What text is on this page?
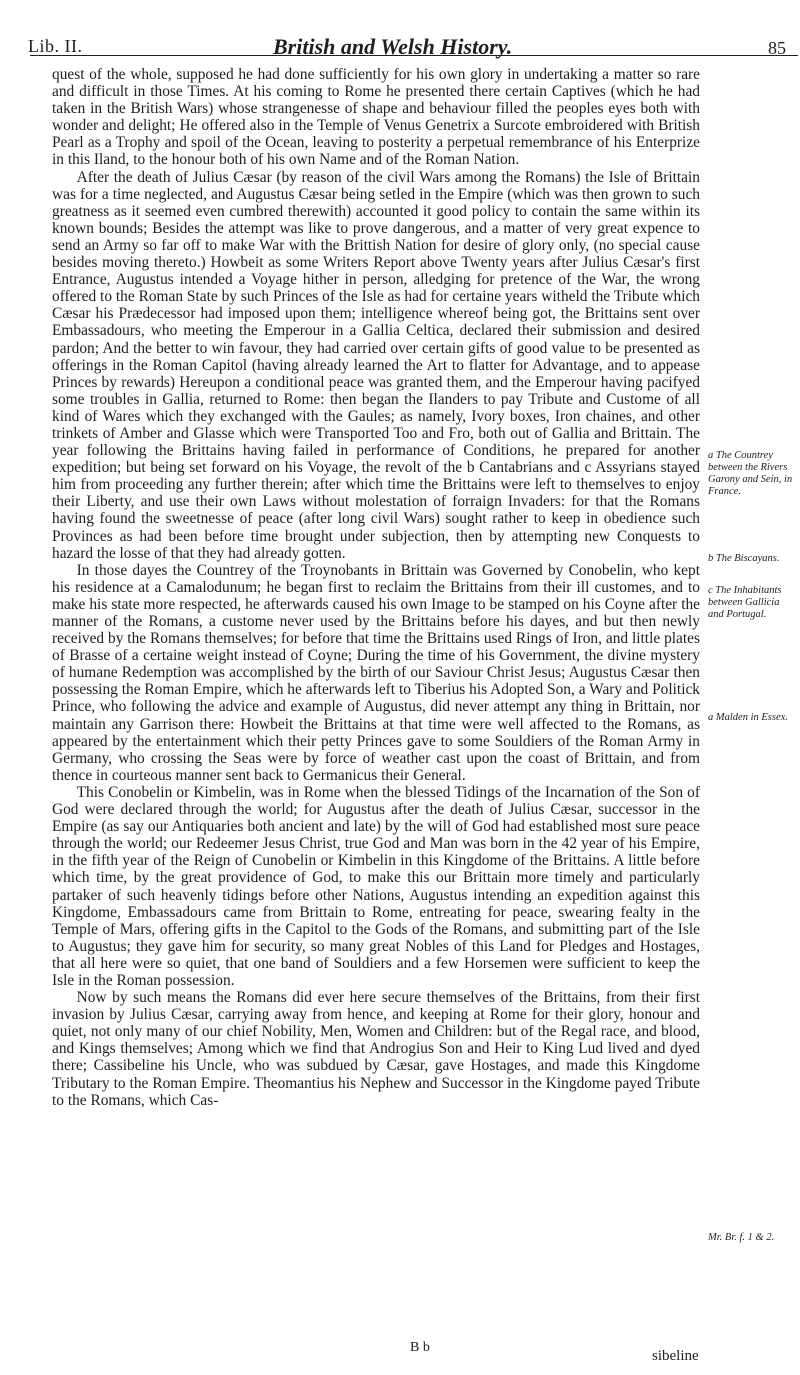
Lib. II.	British and Welsh History.	85

quest of the whole, supposed he had done sufficiently for his own glory in undertaking a matter so rare and difficult in those Times. At his coming to Rome he presented there certain Captives (which he had taken in the British Wars) whose strangenesse of shape and behaviour filled the peoples eyes both with wonder and delight; He offered also in the Temple of Venus Genetrix a Surcote embroidered with British Pearl as a Trophy and spoil of the Ocean, leaving to posterity a perpetual remembrance of his Enterprize in this Iland, to the honour both of his own Name and of the Roman Nation.

After the death of Julius Cæsar (by reason of the civil Wars among the Romans) the Isle of Brittain was for a time neglected, and Augustus Cæsar being setled in the Empire (which was then grown to such greatness as it seemed even cumbred therewith) accounted it good policy to contain the same within its known bounds; Besides the attempt was like to prove dangerous, and a matter of very great expence to send an Army so far off to make War with the Brittish Nation for desire of glory only, (no special cause besides moving thereto.) Howbeit as some Writers Report above Twenty years after Julius Cæsar's first Entrance, Augustus intended a Voyage hither in person, alledging for pretence of the War, the wrong offered to the Roman State by such Princes of the Isle as had for certaine years witheld the Tribute which Cæsar his Prædecessor had imposed upon them; intelligence whereof being got, the Brittains sent over Embassadours, who meeting the Emperour in a Gallia Celtica, declared their submission and desired pardon; And the better to win favour, they had carried over certain gifts of good value to be presented as offerings in the Roman Capitol (having already learned the Art to flatter for Advantage, and to appease Princes by rewards) Hereupon a conditional peace was granted them, and the Emperour having pacifyed some troubles in Gallia, returned to Rome: then began the Ilanders to pay Tribute and Custome of all kind of Wares which they exchanged with the Gaules; as namely, Ivory boxes, Iron chaines, and other trinkets of Amber and Glasse which were Transported Too and Fro, both out of Gallia and Brittain. The year following the Brittains having failed in performance of Conditions, he prepared for another expedition; but being set forward on his Voyage, the revolt of the b Cantabrians and c Assyrians stayed him from proceeding any further therein; after which time the Brittains were left to themselves to enjoy their Liberty, and use their own Laws without molestation of forraign Invaders: for that the Romans having found the sweetnesse of peace (after long civil Wars) sought rather to keep in obedience such Provinces as had been before time brought under subjection, then by attempting new Conquests to hazard the losse of that they had already gotten.

In those dayes the Countrey of the Troynobants in Brittain was Governed by Conobelin, who kept his residence at a Camalodunum; he began first to reclaim the Brittains from their ill customes, and to make his state more respected, he afterwards caused his own Image to be stamped on his Coyne after the manner of the Romans, a custome never used by the Brittains before his dayes, and but then newly received by the Romans themselves; for before that time the Brittains used Rings of Iron, and little plates of Brasse of a certaine weight instead of Coyne; During the time of his Government, the divine mystery of humane Redemption was accomplished by the birth of our Saviour Christ Jesus; Augustus Cæsar then possessing the Roman Empire, which he afterwards left to Tiberius his Adopted Son, a Wary and Politick Prince, who following the advice and example of Augustus, did never attempt any thing in Brittain, nor maintain any Garrison there: Howbeit the Brittains at that time were well affected to the Romans, as appeared by the entertainment which their petty Princes gave to some Souldiers of the Roman Army in Germany, who crossing the Seas were by force of weather cast upon the coast of Brittain, and from thence in courteous manner sent back to Germanicus their General.

This Conobelin or Kimbelin, was in Rome when the blessed Tidings of the Incarnation of the Son of God were declared through the world; for Augustus after the death of Julius Cæsar, successor in the Empire (as say our Antiquaries both ancient and late) by the will of God had established most sure peace through the world; our Redeemer Jesus Christ, true God and Man was born in the 42 year of his Empire, in the fifth year of the Reign of Cunobelin or Kimbelin in this Kingdome of the Brittains. A little before which time, by the great providence of God, to make this our Brittain more timely and particularly partaker of such heavenly tidings before other Nations, Augustus intending an expedition against this Kingdome, Embassadours came from Brittain to Rome, entreating for peace, swearing fealty in the Temple of Mars, offering gifts in the Capitol to the Gods of the Romans, and submitting part of the Isle to Augustus; they gave him for security, so many great Nobles of this Land for Pledges and Hostages, that all here were so quiet, that one band of Souldiers and a few Horsemen were sufficient to keep the Isle in the Roman possession.

Now by such means the Romans did ever here secure themselves of the Brittains, from their first invasion by Julius Cæsar, carrying away from hence, and keeping at Rome for their glory, honour and quiet, not only many of our chief Nobility, Men, Women and Children: but of the Regal race, and blood, and Kings themselves; Among which we find that Androgius Son and Heir to King Lud lived and dyed there; Cassibeline his Uncle, who was subdued by Cæsar, gave Hostages, and made this Kingdome Tributary to the Roman Empire. Theomantius his Nephew and Successor in the Kingdome payed Tribute to the Romans, which Cas-

a The Countrey between the Rivers Garony and Sein, in France.
b The Biscayans.
c The Inhabitants between Gallicia and Portugal.
a Malden in Essex.
Mr. Br. f. 1 & 2.
B b
sibeline
